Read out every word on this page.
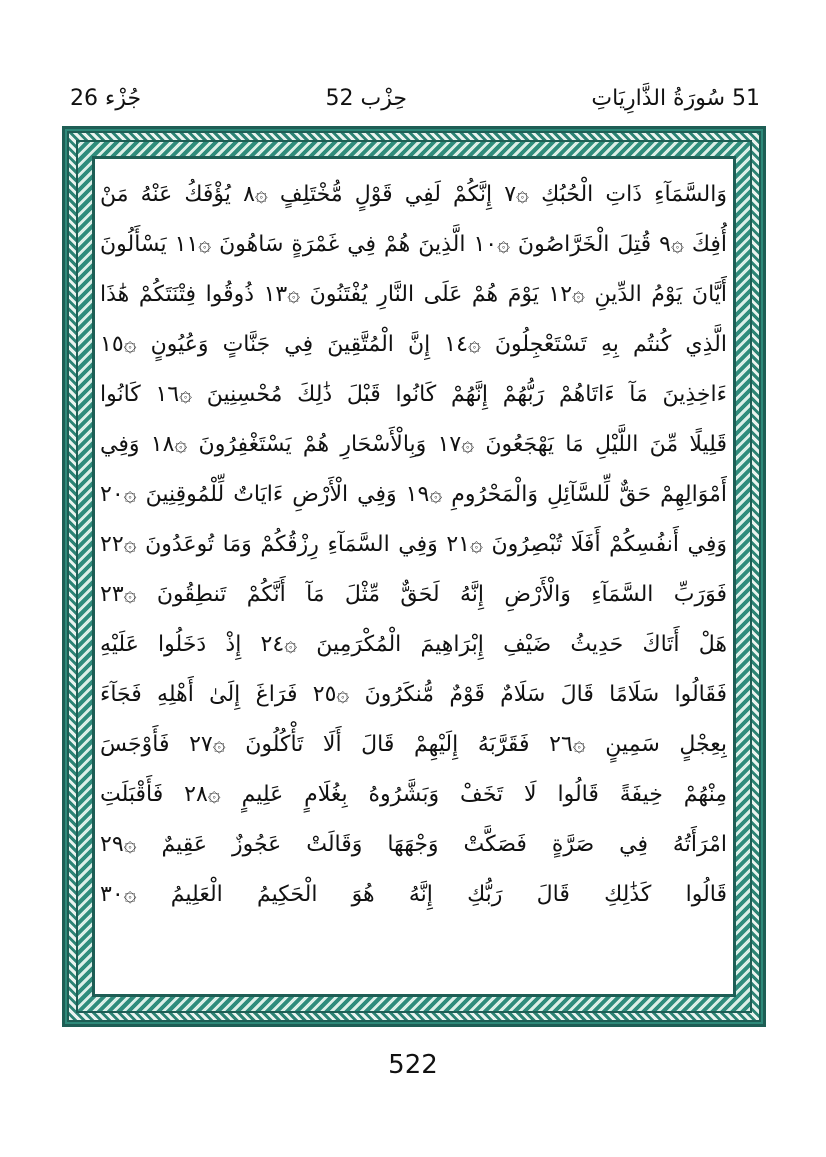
51 سُورَةُ الذَّارِيَاتِ
حِزْب 52
جُزْء 26
وَالسَّمَآءِ ذَاتِ الْحُبُكِ ۞٧ إِنَّكُمْ لَفِي قَوْلٍ مُّخْتَلِفٍ ۞٨ يُؤْفَكُ عَنْهُ مَنْ
أُفِكَ ۞٩ قُتِلَ الْخَرَّاصُونَ ۞١٠ الَّذِينَ هُمْ فِي غَمْرَةٍ سَاهُونَ ۞١١ يَسْأَلُونَ
أَيَّانَ يَوْمُ الدِّينِ ۞١٢ يَوْمَ هُمْ عَلَى النَّارِ يُفْتَنُونَ ۞١٣ ذُوقُوا فِتْنَتَكُمْ هَٰذَا
الَّذِي كُنتُم بِهِ تَسْتَعْجِلُونَ ۞١٤ إِنَّ الْمُتَّقِينَ فِي جَنَّاتٍ وَعُيُونٍ ۞١٥
ءَاخِذِينَ مَآ ءَاتَاهُمْ رَبُّهُمْ إِنَّهُمْ كَانُوا قَبْلَ ذَٰلِكَ مُحْسِنِينَ ۞١٦ كَانُوا
قَلِيلًا مِّنَ اللَّيْلِ مَا يَهْجَعُونَ ۞١٧ وَبِالْأَسْحَارِ هُمْ يَسْتَغْفِرُونَ ۞١٨ وَفِي
أَمْوَالِهِمْ حَقٌّ لِّلسَّآئِلِ وَالْمَحْرُومِ ۞١٩ وَفِي الْأَرْضِ ءَايَاتٌ لِّلْمُوقِنِينَ ۞٢٠
وَفِي أَنفُسِكُمْ أَفَلَا تُبْصِرُونَ ۞٢١ وَفِي السَّمَآءِ رِزْقُكُمْ وَمَا تُوعَدُونَ ۞٢٢
فَوَرَبِّ السَّمَآءِ وَالْأَرْضِ إِنَّهُ لَحَقٌّ مِّثْلَ مَآ أَنَّكُمْ تَنطِقُونَ ۞٢٣
هَلْ أَتَاكَ حَدِيثُ ضَيْفِ إِبْرَاهِيمَ الْمُكْرَمِينَ ۞٢٤ إِذْ دَخَلُوا عَلَيْهِ
فَقَالُوا سَلَامًا قَالَ سَلَامٌ قَوْمٌ مُّنكَرُونَ ۞٢٥ فَرَاغَ إِلَىٰ أَهْلِهِ فَجَآءَ
بِعِجْلٍ سَمِينٍ ۞٢٦ فَقَرَّبَهُ إِلَيْهِمْ قَالَ أَلَا تَأْكُلُونَ ۞٢٧ فَأَوْجَسَ
مِنْهُمْ خِيفَةً قَالُوا لَا تَخَفْ وَبَشَّرُوهُ بِغُلَامٍ عَلِيمٍ ۞٢٨ فَأَقْبَلَتِ
امْرَأَتُهُ فِي صَرَّةٍ فَصَكَّتْ وَجْهَهَا وَقَالَتْ عَجُوزٌ عَقِيمٌ ۞٢٩
قَالُوا كَذَٰلِكِ قَالَ رَبُّكِ إِنَّهُ هُوَ الْحَكِيمُ الْعَلِيمُ ۞٣٠
522
